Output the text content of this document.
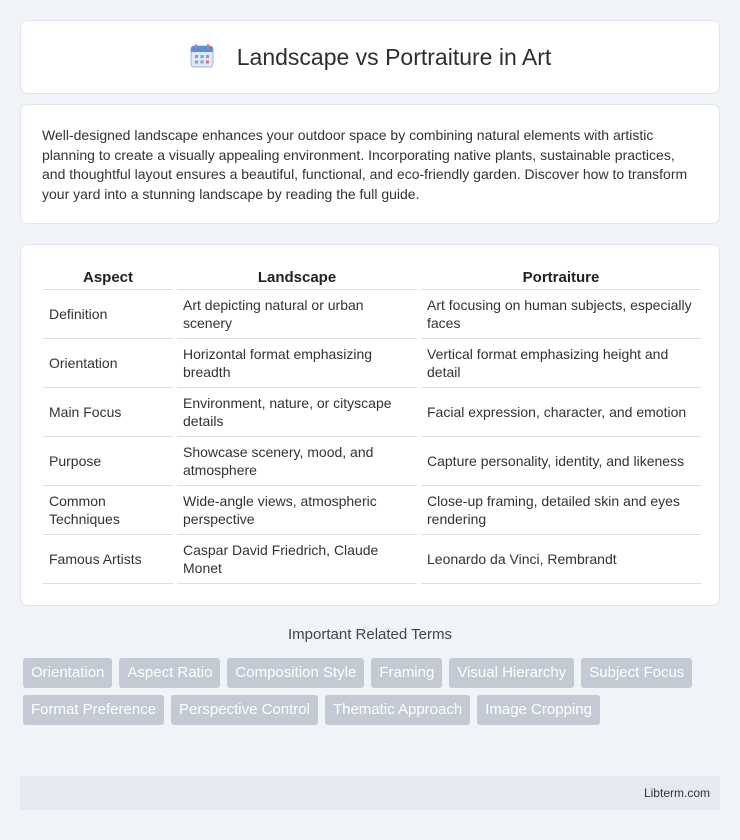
Landscape vs Portraiture in Art

Well-designed landscape enhances your outdoor space by combining natural elements with artistic planning to create a visually appealing environment. Incorporating native plants, sustainable practices, and thoughtful layout ensures a beautiful, functional, and eco-friendly garden. Discover how to transform your yard into a stunning landscape by reading the full guide.

Aspect	Landscape	Portraiture
Definition	Art depicting natural or urban scenery	Art focusing on human subjects, especially faces
Orientation	Horizontal format emphasizing breadth	Vertical format emphasizing height and detail
Main Focus	Environment, nature, or cityscape details	Facial expression, character, and emotion
Purpose	Showcase scenery, mood, and atmosphere	Capture personality, identity, and likeness
Common Techniques	Wide-angle views, atmospheric perspective	Close-up framing, detailed skin and eyes rendering
Famous Artists	Caspar David Friedrich, Claude Monet	Leonardo da Vinci, Rembrandt
Important Related Terms
Orientation	Aspect Ratio	Composition Style	Framing	Visual Hierarchy	Subject Focus
Format Preference	Perspective Control	Thematic Approach	Image Cropping
Libterm.com
